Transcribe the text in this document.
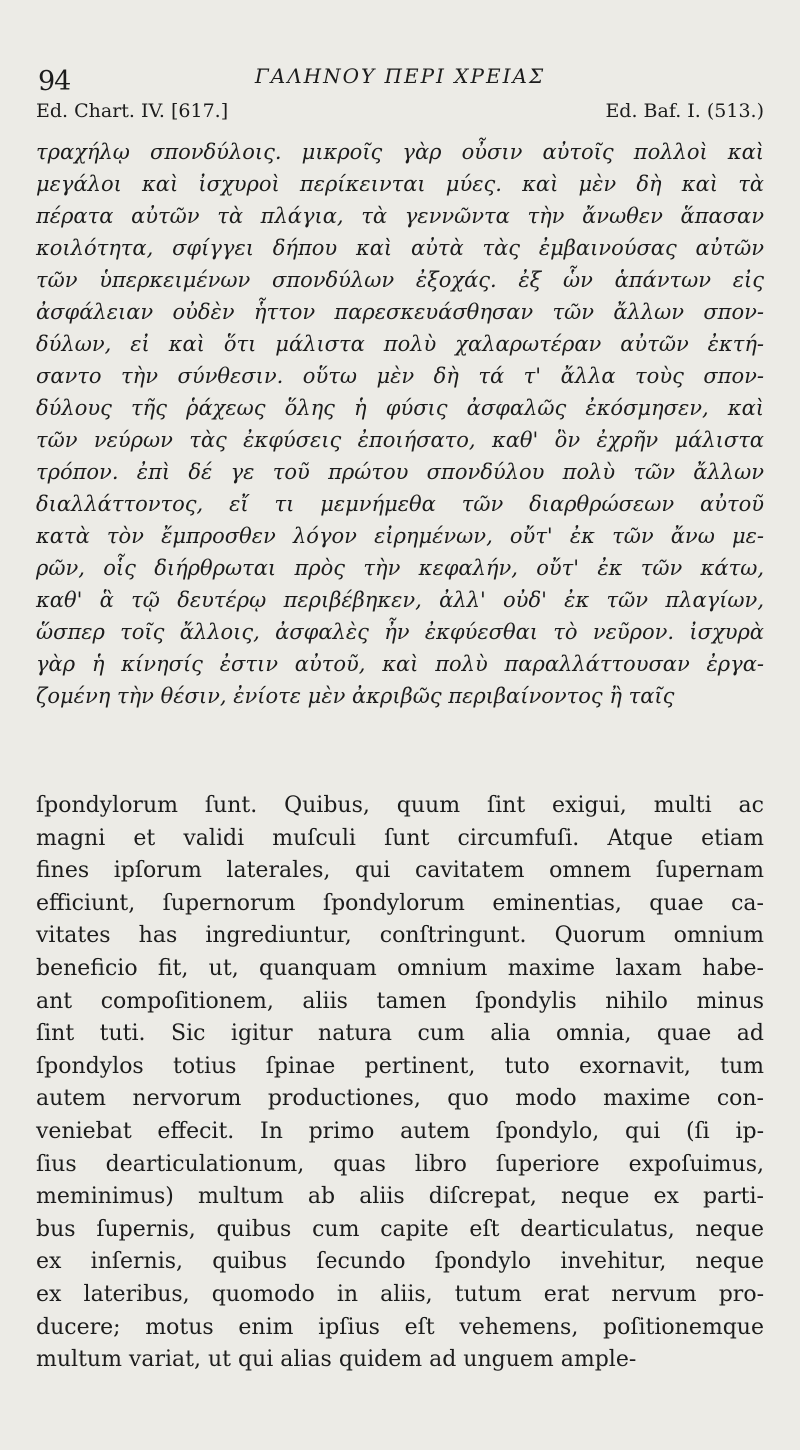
94	ΓΑΛΗΝΟΥ ΠΕΡΙ ΧΡΕΙΑΣ
Ed. Chart. IV. [617.]	Ed. Baf. I. (513.)
τραχήλῳ σπονδύλοις. μικροῖς γὰρ οὖσιν αὐτοῖς πολλοὶ καὶ
μεγάλοι καὶ ἰσχυροὶ περίκεινται μύες. καὶ μὲν δὴ καὶ τὰ
πέρατα αὐτῶν τὰ πλάγια, τὰ γεννῶντα τὴν ἄνωθεν ἅπασαν
κοιλότητα, σφίγγει δήπου καὶ αὐτὰ τὰς ἐμβαινούσας αὐτῶν
τῶν ὑπερκειμένων σπονδύλων ἐξοχάς. ἐξ ὧν ἁπάντων εἰς
ἀσφάλειαν οὐδὲν ἧττον παρεσκευάσθησαν τῶν ἄλλων σπον-
δύλων, εἰ καὶ ὅτι μάλιστα πολὺ χαλαρωτέραν αὐτῶν ἐκτή-
σαντο τὴν σύνθεσιν. οὕτω μὲν δὴ τά τ' ἄλλα τοὺς σπον-
δύλους τῆς ῥάχεως ὅλης ἡ φύσις ἀσφαλῶς ἐκόσμησεν, καὶ
τῶν νεύρων τὰς ἐκφύσεις ἐποιήσατο, καθ' ὃν ἐχρῆν μάλιστα
τρόπον. ἐπὶ δέ γε τοῦ πρώτου σπονδύλου πολὺ τῶν ἄλλων
διαλλάττοντος, εἴ τι μεμνήμεθα τῶν διαρθρώσεων αὐτοῦ
κατὰ τὸν ἔμπροσθεν λόγον εἰρημένων, οὔτ' ἐκ τῶν ἄνω με-
ρῶν, οἷς διήρθρωται πρὸς τὴν κεφαλήν, οὔτ' ἐκ τῶν κάτω,
καθ' ἃ τῷ δευτέρῳ περιβέβηκεν, ἀλλ' οὐδ' ἐκ τῶν πλαγίων,
ὥσπερ τοῖς ἄλλοις, ἀσφαλὲς ἦν ἐκφύεσθαι τὸ νεῦρον. ἰσχυρὰ
γὰρ ἡ κίνησίς ἐστιν αὐτοῦ, καὶ πολὺ παραλλάττουσαν ἐργα-
ζομένη τὴν θέσιν, ἐνίοτε μὲν ἀκριβῶς περιβαίνοντος ἢ ταῖς
ſpondylorum ſunt. Quibus, quum ſint exigui, multi ac
magni et validi muſculi ſunt circumfuſi. Atque etiam
fines ipſorum laterales, qui cavitatem omnem ſupernam
efficiunt, ſupernorum ſpondylorum eminentias, quae ca-
vitates has ingrediuntur, conſtringunt. Quorum omnium
beneficio fit, ut, quanquam omnium maxime laxam habe-
ant compoſitionem, aliis tamen ſpondylis nihilo minus
ſint tuti. Sic igitur natura cum alia omnia, quae ad
ſpondylos totius ſpinae pertinent, tuto exornavit, tum
autem nervorum productiones, quo modo maxime con-
veniebat effecit. In primo autem ſpondylo, qui (ſi ip-
ſius dearticulationum, quas libro ſuperiore expoſuimus,
meminimus) multum ab aliis diſcrepat, neque ex parti-
bus ſupernis, quibus cum capite eſt dearticulatus, neque
ex inſernis, quibus ſecundo ſpondylo invehitur, neque
ex lateribus, quomodo in aliis, tutum erat nervum pro-
ducere; motus enim ipſius eſt vehemens, poſitionemque
multum variat, ut qui alias quidem ad unguem ample-
